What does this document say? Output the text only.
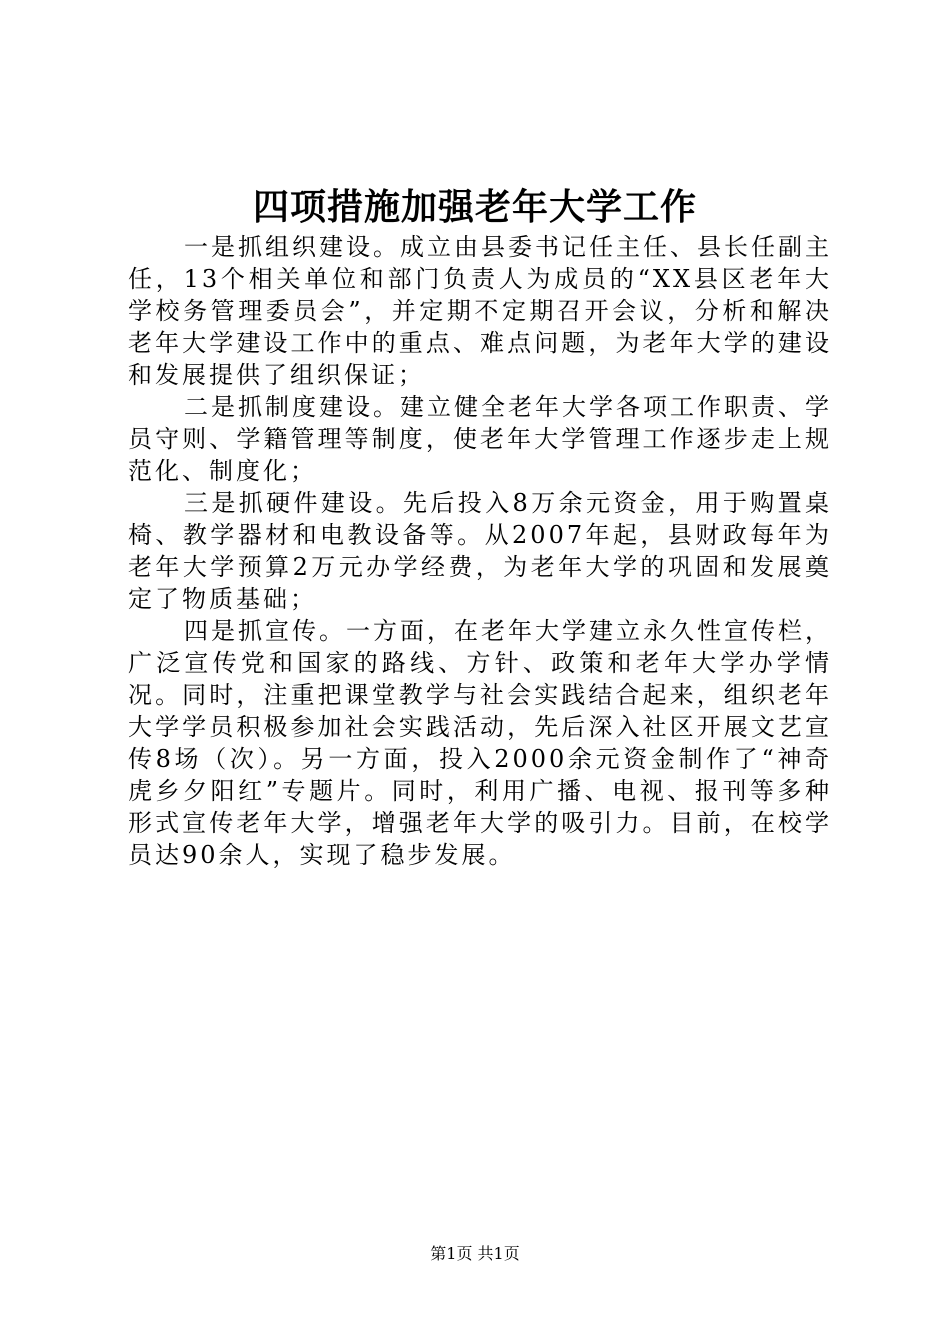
四项措施加强老年大学工作

一是抓组织建设。成立由县委书记任主任、县长任副主任，13个相关单位和部门负责人为成员的“XX县区老年大学校务管理委员会”，并定期不定期召开会议，分析和解决老年大学建设工作中的重点、难点问题，为老年大学的建设和发展提供了组织保证；

二是抓制度建设。建立健全老年大学各项工作职责、学员守则、学籍管理等制度，使老年大学管理工作逐步走上规范化、制度化；

三是抓硬件建设。先后投入8万余元资金，用于购置桌椅、教学器材和电教设备等。从2007年起，县财政每年为老年大学预算2万元办学经费，为老年大学的巩固和发展奠定了物质基础；

四是抓宣传。一方面，在老年大学建立永久性宣传栏，广泛宣传党和国家的路线、方针、政策和老年大学办学情况。同时，注重把课堂教学与社会实践结合起来，组织老年大学学员积极参加社会实践活动，先后深入社区开展文艺宣传8场（次）。另一方面，投入2000余元资金制作了“神奇虎乡夕阳红”专题片。同时，利用广播、电视、报刊等多种形式宣传老年大学，增强老年大学的吸引力。目前，在校学员达90余人，实现了稳步发展。

第1页 共1页
